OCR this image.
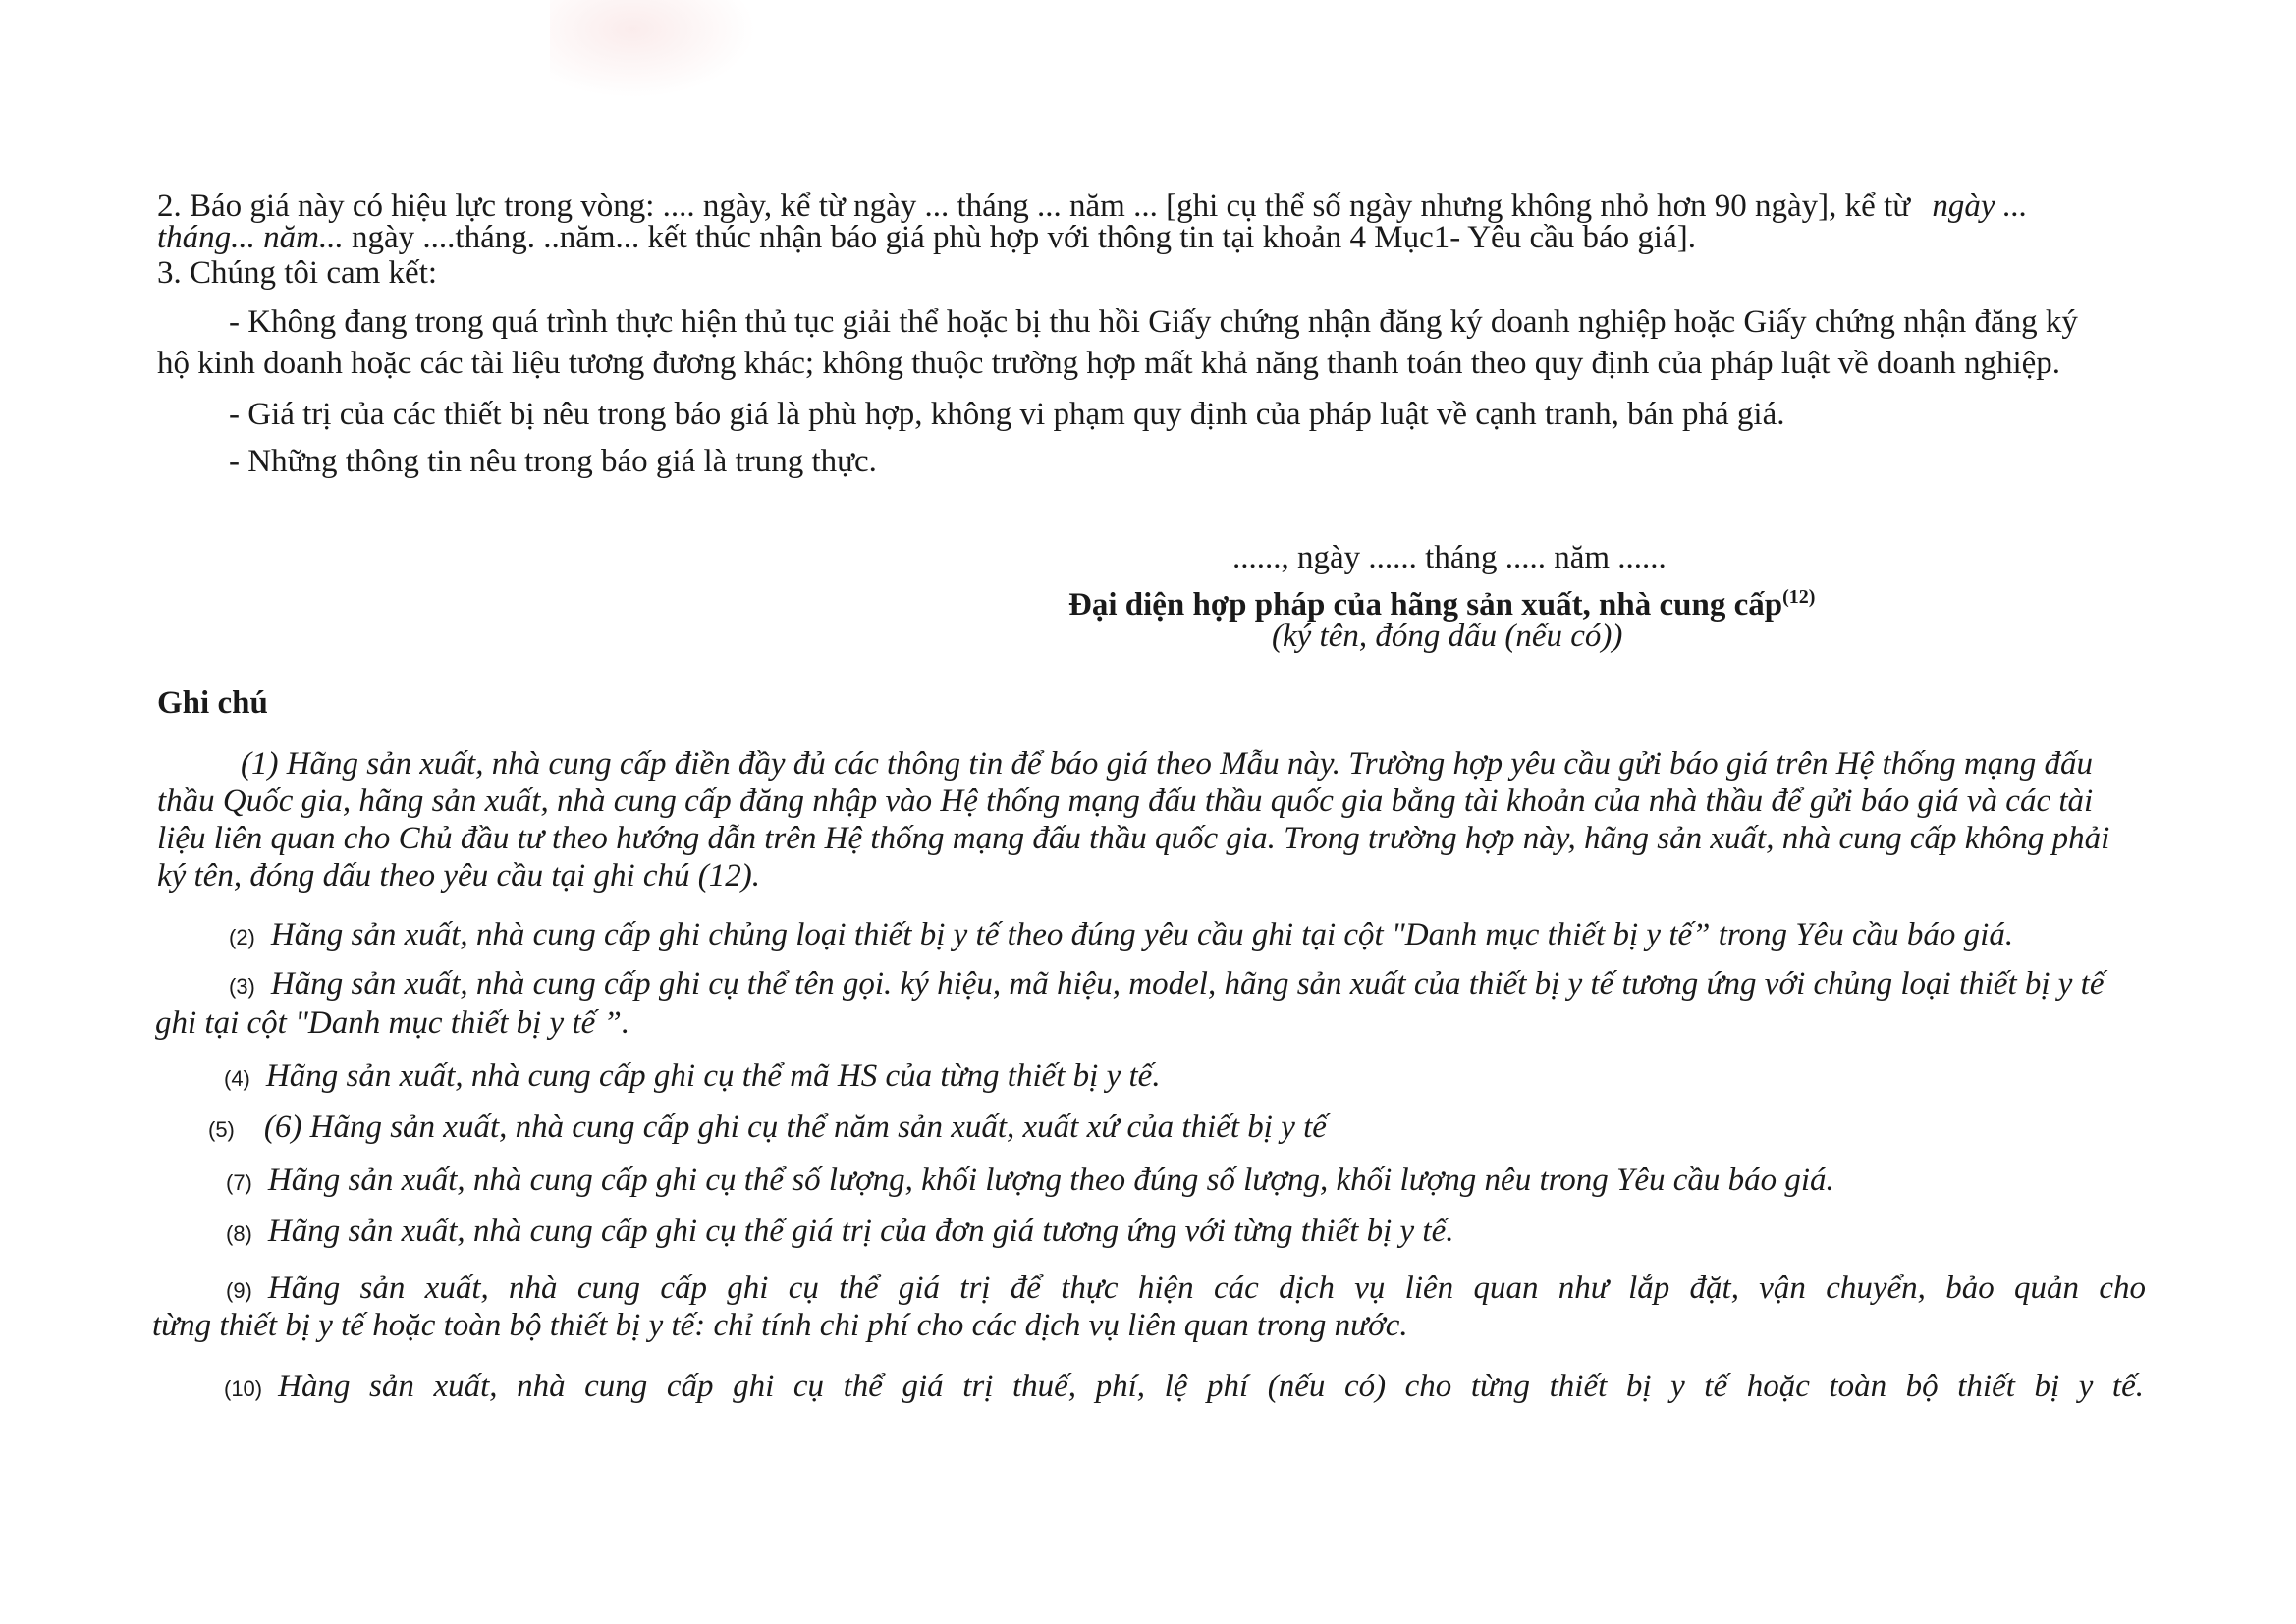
2. Báo giá này có hiệu lực trong vòng: .... ngày, kể từ ngày ... tháng ... năm ... [ghi cụ thể số ngày nhưng không nhỏ hơn 90 ngày], kể từ ngày ...
tháng... năm... ngày ....tháng. ..năm... kết thúc nhận báo giá phù hợp với thông tin tại khoản 4 Mục1- Yêu cầu báo giá].
3. Chúng tôi cam kết:
- Không đang trong quá trình thực hiện thủ tục giải thể hoặc bị thu hồi Giấy chứng nhận đăng ký doanh nghiệp hoặc Giấy chứng nhận đăng ký
hộ kinh doanh hoặc các tài liệu tương đương khác; không thuộc trường hợp mất khả năng thanh toán theo quy định của pháp luật về doanh nghiệp.
- Giá trị của các thiết bị nêu trong báo giá là phù hợp, không vi phạm quy định của pháp luật về cạnh tranh, bán phá giá.
- Những thông tin nêu trong báo giá là trung thực.
......, ngày ...... tháng ..... năm ......
Đại diện hợp pháp của hãng sản xuất, nhà cung cấp$^{(12)}$
(ký tên, đóng dấu (nếu có))
Ghi chú
(1) Hãng sản xuất, nhà cung cấp điền đầy đủ các thông tin để báo giá theo Mẫu này. Trường hợp yêu cầu gửi báo giá trên Hệ thống mạng đấu
thầu Quốc gia, hãng sản xuất, nhà cung cấp đăng nhập vào Hệ thống mạng đấu thầu quốc gia bằng tài khoản của nhà thầu để gửi báo giá và các tài
liệu liên quan cho Chủ đầu tư theo hướng dẫn trên Hệ thống mạng đấu thầu quốc gia. Trong trường hợp này, hãng sản xuất, nhà cung cấp không phải
ký tên, đóng dấu theo yêu cầu tại ghi chú (12).
(2) Hãng sản xuất, nhà cung cấp ghi chủng loại thiết bị y tế theo đúng yêu cầu ghi tại cột "Danh mục thiết bị y tế” trong Yêu cầu báo giá.
(3) Hãng sản xuất, nhà cung cấp ghi cụ thể tên gọi. ký hiệu, mã hiệu, model, hãng sản xuất của thiết bị y tế tương ứng với chủng loại thiết bị y tế
ghi tại cột "Danh mục thiết bị y tế ”.
(4) Hãng sản xuất, nhà cung cấp ghi cụ thể mã HS của từng thiết bị y tế.
(5) (6) Hãng sản xuất, nhà cung cấp ghi cụ thể năm sản xuất, xuất xứ của thiết bị y tế
(7) Hãng sản xuất, nhà cung cấp ghi cụ thể số lượng, khối lượng theo đúng số lượng, khối lượng nêu trong Yêu cầu báo giá.
(8) Hãng sản xuất, nhà cung cấp ghi cụ thể giá trị của đơn giá tương ứng với từng thiết bị y tế.
(9) Hãng sản xuất, nhà cung cấp ghi cụ thể giá trị để thực hiện các dịch vụ liên quan như lắp đặt, vận chuyển, bảo quản cho
từng thiết bị y tế hoặc toàn bộ thiết bị y tế: chỉ tính chi phí cho các dịch vụ liên quan trong nước.
(10) Hàng sản xuất, nhà cung cấp ghi cụ thể giá trị thuế, phí, lệ phí (nếu có) cho từng thiết bị y tế hoặc toàn bộ thiết bị y tế.
